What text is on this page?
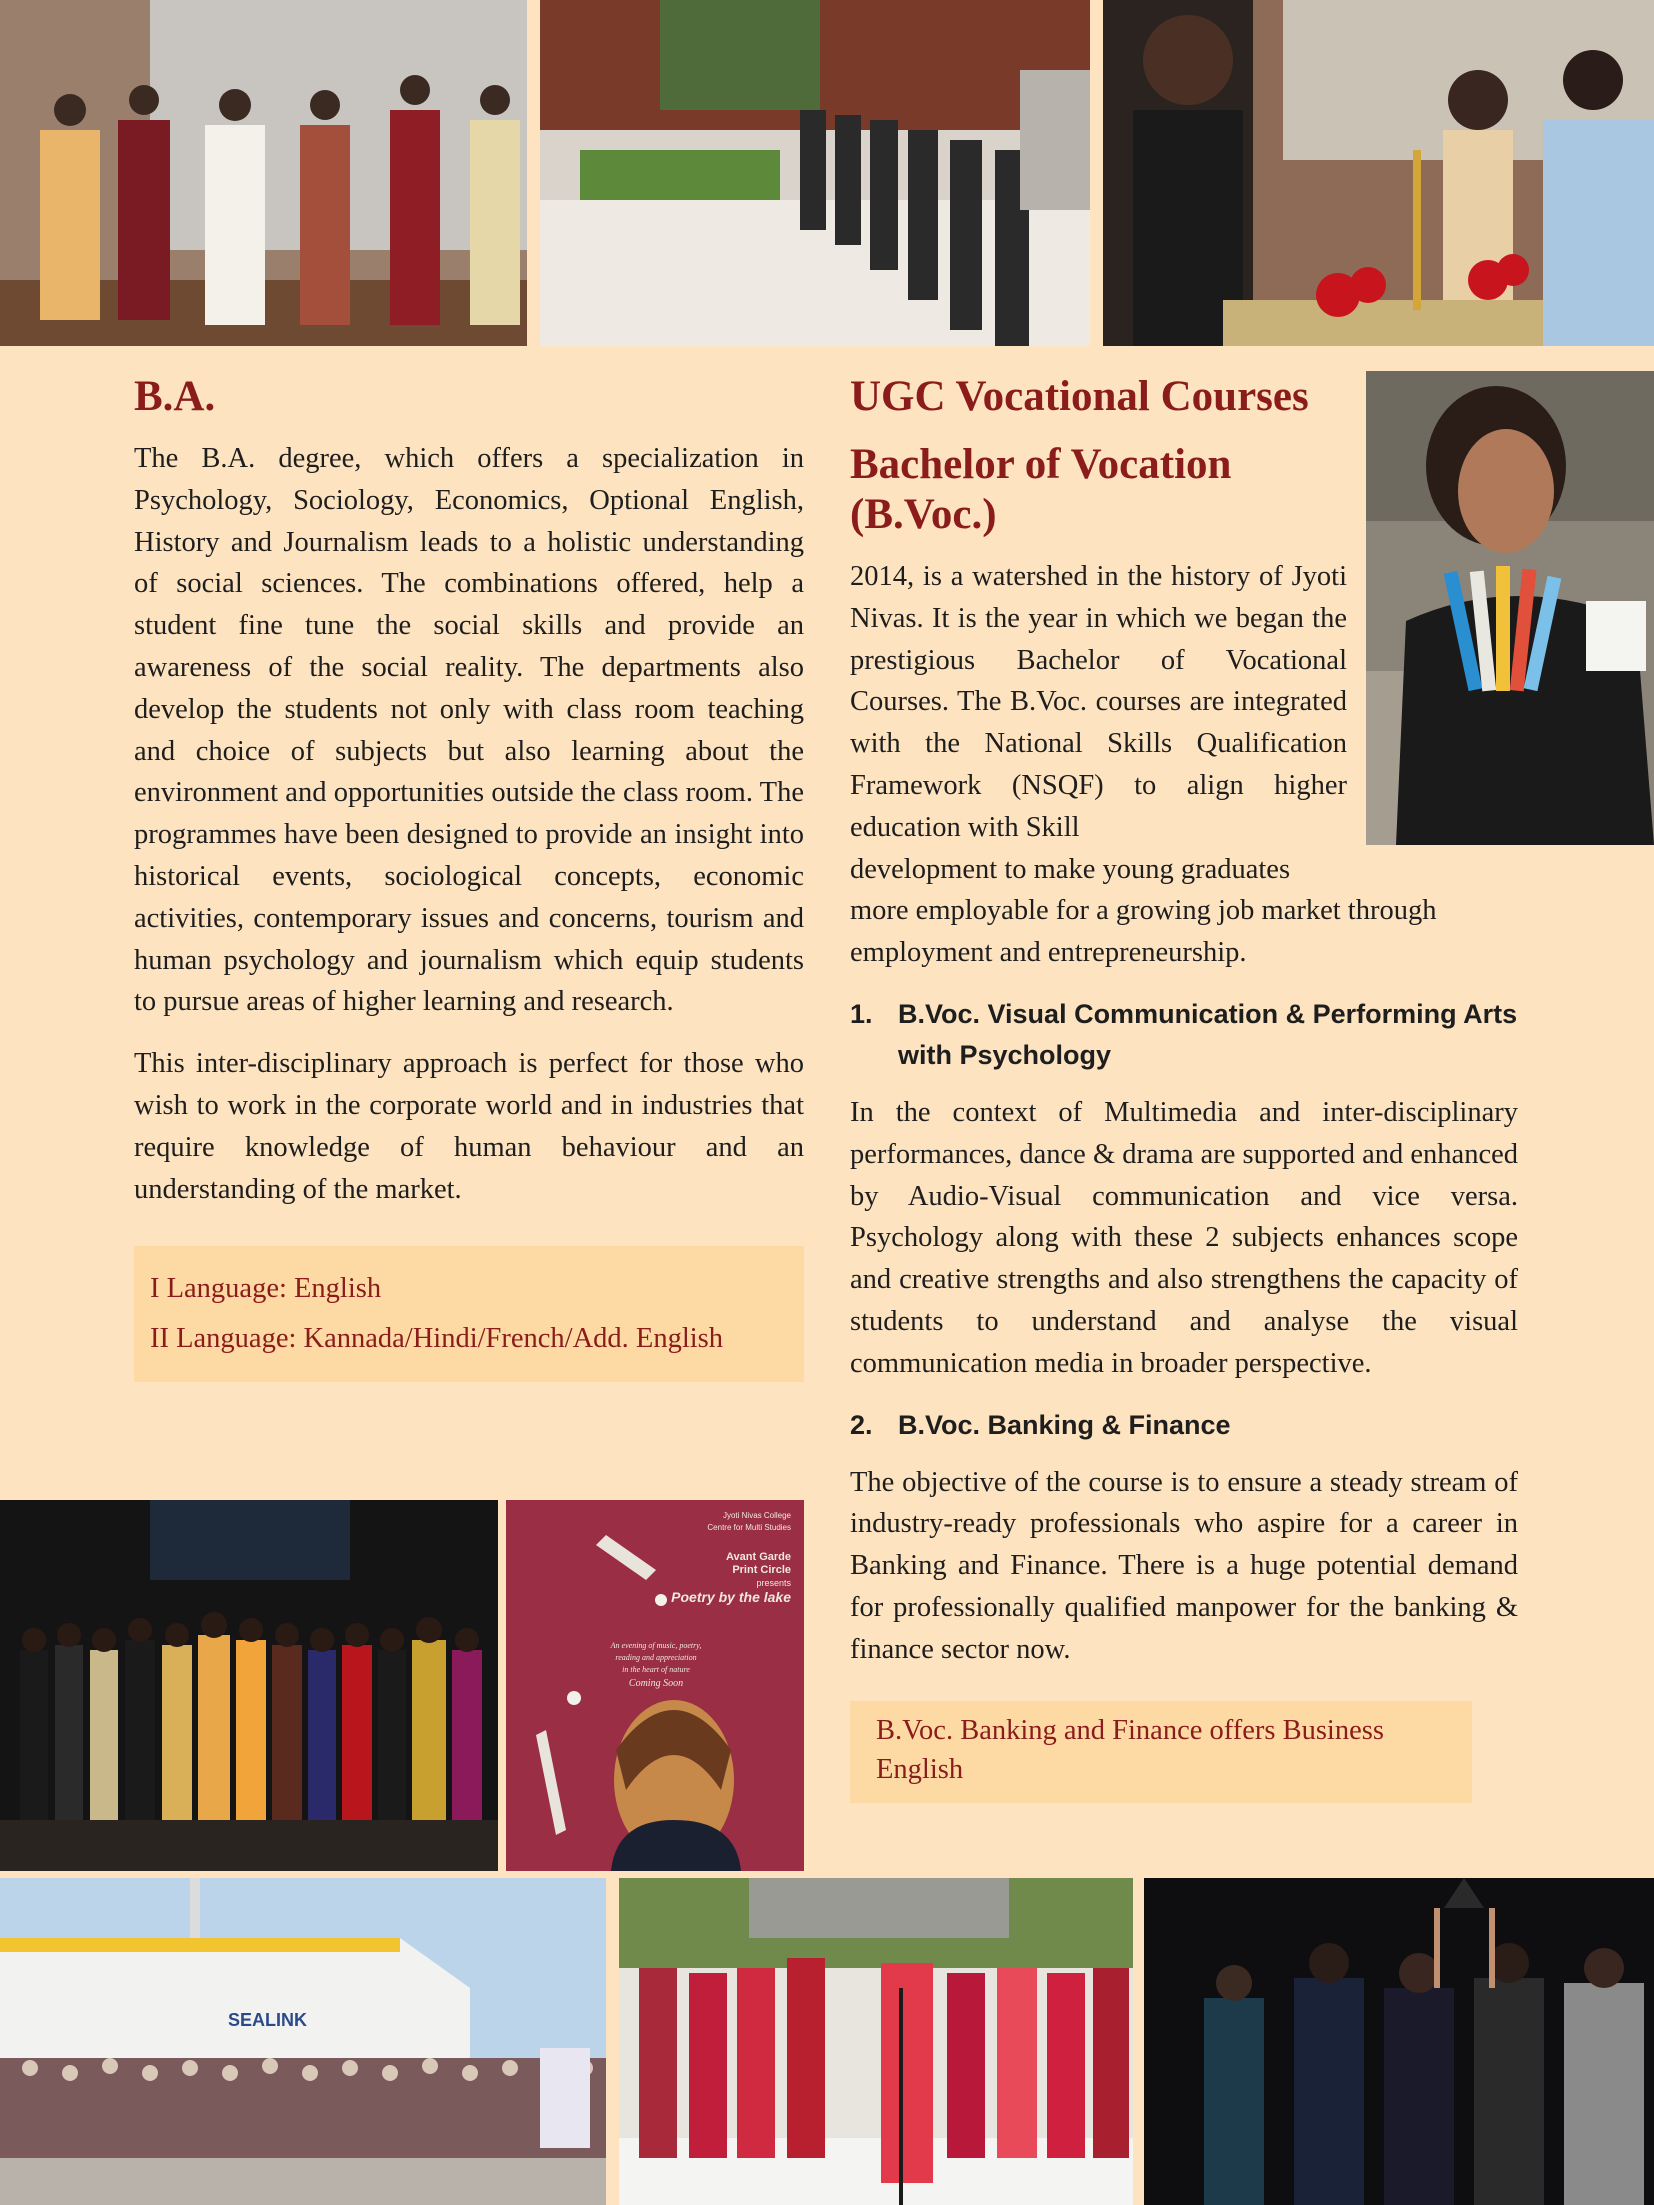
B.A.

The B.A. degree, which offers a specialization in Psychology, Sociology, Economics, Optional English, History and Journalism leads to a holistic understanding of social sciences. The combinations offered, help a student fine tune the social skills and provide an awareness of the social reality. The departments also develop the students not only with class room teaching and choice of subjects but also learning about the environment and opportunities outside the class room. The programmes have been designed to provide an insight into historical events, sociological concepts, economic activities, contemporary issues and concerns, tourism and human psychology and journalism which equip students to pursue areas of higher learning and research.

This inter-disciplinary approach is perfect for those who wish to work in the corporate world and in industries that require knowledge of human behaviour and an understanding of the market.

I Language: English
II Language: Kannada/Hindi/French/Add. English
UGC Vocational Courses
Bachelor of Vocation (B.Voc.)

2014, is a watershed in the history of Jyoti Nivas. It is the year in which we began the prestigious Bachelor of Vocational Courses. The B.Voc. courses are integrated with the National Skills Qualification Framework (NSQF) to align higher education with Skill

development to make young graduates

more employable for a growing job market through

employment and entrepreneurship.

1. B.Voc. Visual Communication & Performing Arts with Psychology

In the context of Multimedia and inter-disciplinary performances, dance & drama are supported and enhanced by Audio-Visual communication and vice versa. Psychology along with these 2 subjects enhances scope and creative strengths and also strengthens the capacity of students to understand and analyse the visual communication media in broader perspective.

2. B.Voc. Banking & Finance

The objective of the course is to ensure a steady stream of industry-ready professionals who aspire for a career in Banking and Finance. There is a huge potential demand for professionally qualified manpower for the banking & finance sector now.

B.Voc. Banking and Finance offers Business English
Jyoti Nivas College
Centre for Multi Studies
Avant Garde
Print Circle
presents
Poetry by the lake
An evening of music, poetry,
reading and appreciation
in the heart of nature
Coming Soon
SEALINK
